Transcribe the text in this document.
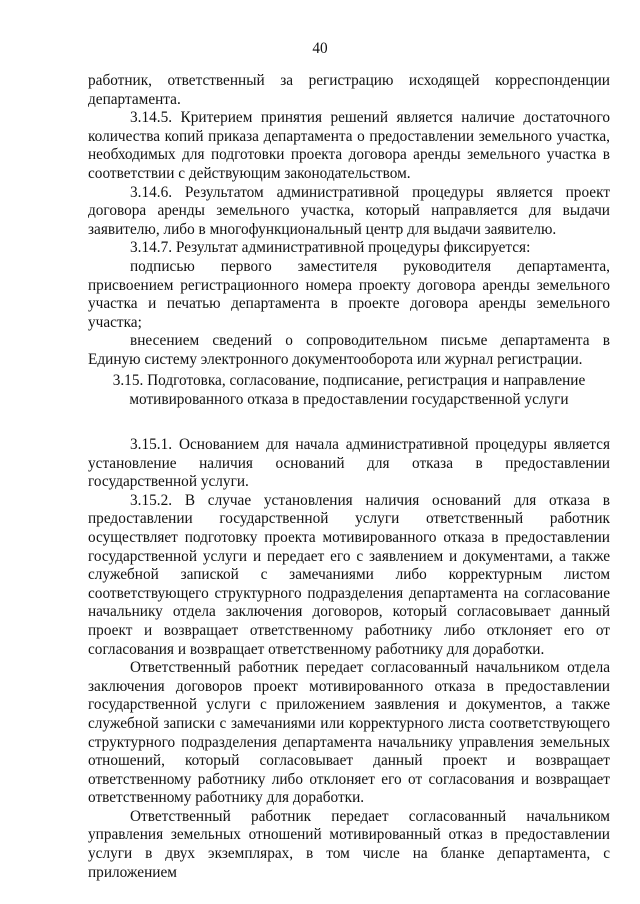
40

работник, ответственный за регистрацию исходящей корреспонденции департамента.

3.14.5. Критерием принятия решений является наличие достаточного количества копий приказа департамента о предоставлении земельного участка, необходимых для подготовки проекта договора аренды земельного участка в соответствии с действующим законодательством.

3.14.6. Результатом административной процедуры является проект договора аренды земельного участка, который направляется для выдачи заявителю, либо в многофункциональный центр для выдачи заявителю.

3.14.7. Результат административной процедуры фиксируется:

подписью первого заместителя руководителя департамента, присвоением регистрационного номера проекту договора аренды земельного участка и печатью департамента в проекте договора аренды земельного участка;

внесением сведений о сопроводительном письме департамента в Единую систему электронного документооборота или журнал регистрации.

3.15. Подготовка, согласование, подписание, регистрация и направление
мотивированного отказа в предоставлении государственной услуги

3.15.1. Основанием для начала административной процедуры является установление наличия оснований для отказа в предоставлении государственной услуги.

3.15.2. В случае установления наличия оснований для отказа в предоставлении государственной услуги ответственный работник осуществляет подготовку проекта мотивированного отказа в предоставлении государственной услуги и передает его с заявлением и документами, а также служебной запиской с замечаниями либо корректурным листом соответствующего структурного подразделения департамента на согласование начальнику отдела заключения договоров, который согласовывает данный проект и возвращает ответственному работнику либо отклоняет его от согласования и возвращает ответственному работнику для доработки.

Ответственный работник передает согласованный начальником отдела заключения договоров проект мотивированного отказа в предоставлении государственной услуги с приложением заявления и документов, а также служебной записки с замечаниями или корректурного листа соответствующего структурного подразделения департамента начальнику управления земельных отношений, который согласовывает данный проект и возвращает ответственному работнику либо отклоняет его от согласования и возвращает ответственному работнику для доработки.

Ответственный работник передает согласованный начальником управления земельных отношений мотивированный отказ в предоставлении услуги в двух экземплярах, в том числе на бланке департамента, с приложением
